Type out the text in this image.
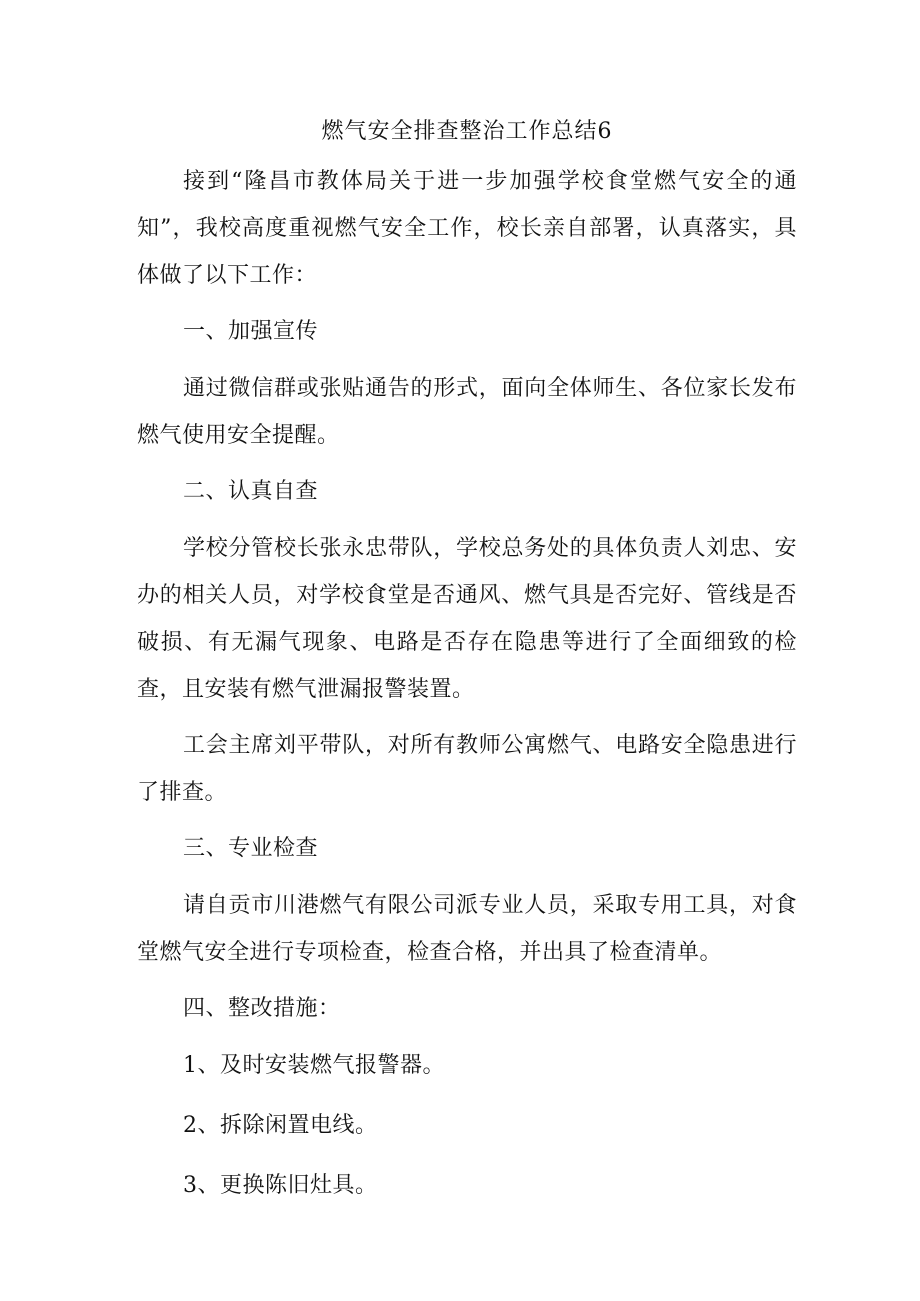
燃气安全排查整治工作总结6

接到“隆昌市教体局关于进一步加强学校食堂燃气安全的通知”，我校高度重视燃气安全工作，校长亲自部署，认真落实，具体做了以下工作：

一、加强宣传

通过微信群或张贴通告的形式，面向全体师生、各位家长发布燃气使用安全提醒。

二、认真自查

学校分管校长张永忠带队，学校总务处的具体负责人刘忠、安办的相关人员，对学校食堂是否通风、燃气具是否完好、管线是否破损、有无漏气现象、电路是否存在隐患等进行了全面细致的检查，且安装有燃气泄漏报警装置。

工会主席刘平带队，对所有教师公寓燃气、电路安全隐患进行了排查。

三、专业检查

请自贡市川港燃气有限公司派专业人员，采取专用工具，对食堂燃气安全进行专项检查，检查合格，并出具了检查清单。

四、整改措施：

1、及时安装燃气报警器。

2、拆除闲置电线。

3、更换陈旧灶具。
